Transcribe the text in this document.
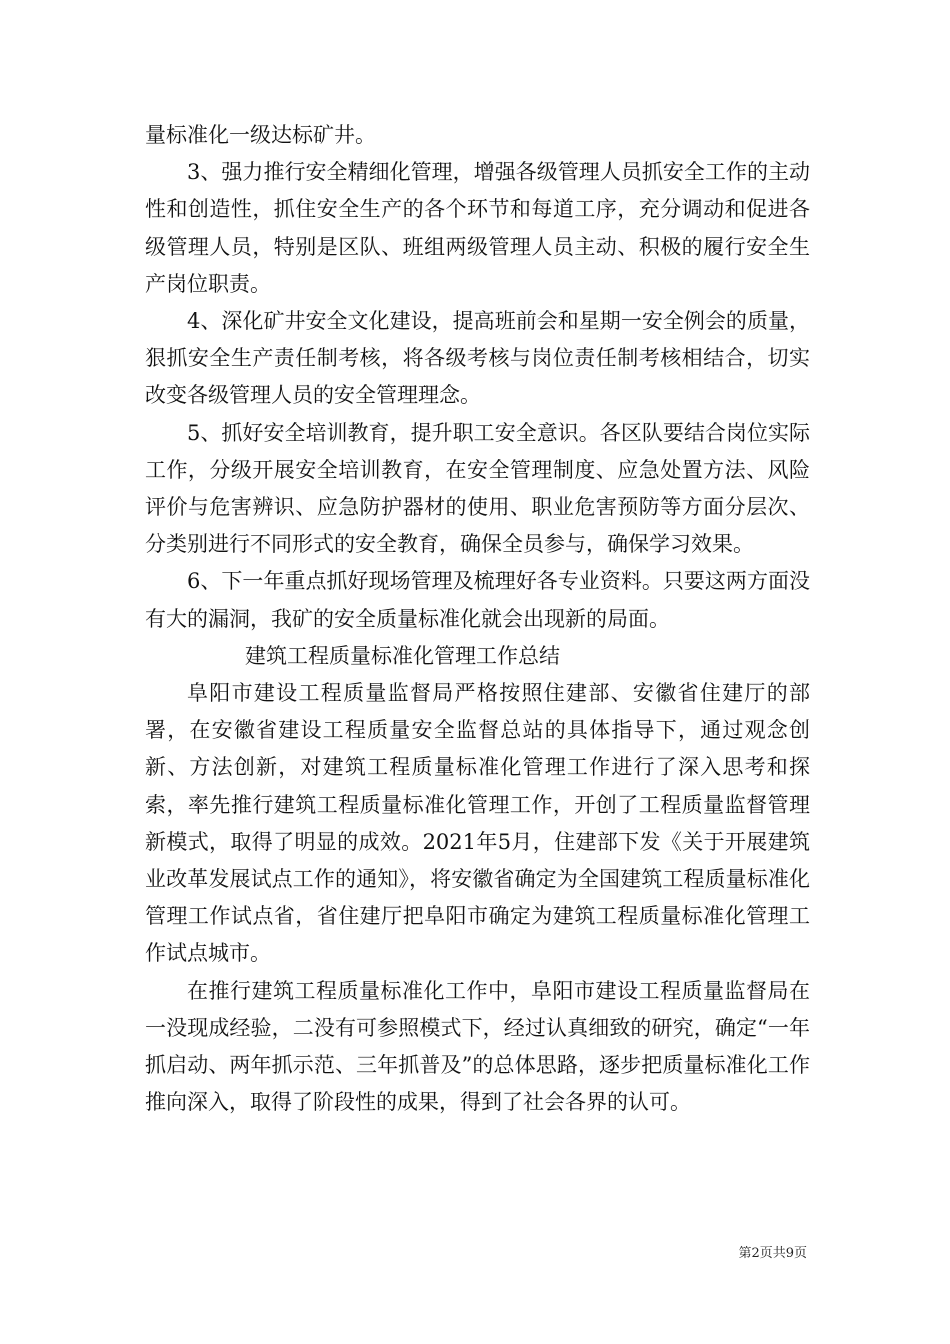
量标准化一级达标矿井。

3、强力推行安全精细化管理，增强各级管理人员抓安全工作的主动性和创造性，抓住安全生产的各个环节和每道工序，充分调动和促进各级管理人员，特别是区队、班组两级管理人员主动、积极的履行安全生产岗位职责。

4、深化矿井安全文化建设，提高班前会和星期一安全例会的质量，狠抓安全生产责任制考核，将各级考核与岗位责任制考核相结合，切实改变各级管理人员的安全管理理念。

5、抓好安全培训教育，提升职工安全意识。各区队要结合岗位实际工作，分级开展安全培训教育，在安全管理制度、应急处置方法、风险评价与危害辨识、应急防护器材的使用、职业危害预防等方面分层次、分类别进行不同形式的安全教育，确保全员参与，确保学习效果。

6、下一年重点抓好现场管理及梳理好各专业资料。只要这两方面没有大的漏洞，我矿的安全质量标准化就会出现新的局面。

建筑工程质量标准化管理工作总结

阜阳市建设工程质量监督局严格按照住建部、安徽省住建厅的部署，在安徽省建设工程质量安全监督总站的具体指导下，通过观念创新、方法创新，对建筑工程质量标准化管理工作进行了深入思考和探索，率先推行建筑工程质量标准化管理工作，开创了工程质量监督管理新模式，取得了明显的成效。2021年5月，住建部下发《关于开展建筑业改革发展试点工作的通知》，将安徽省确定为全国建筑工程质量标准化管理工作试点省，省住建厅把阜阳市确定为建筑工程质量标准化管理工作试点城市。

在推行建筑工程质量标准化工作中，阜阳市建设工程质量监督局在一没现成经验，二没有可参照模式下，经过认真细致的研究，确定“一年抓启动、两年抓示范、三年抓普及”的总体思路，逐步把质量标准化工作推向深入，取得了阶段性的成果，得到了社会各界的认可。

第2页共9页
